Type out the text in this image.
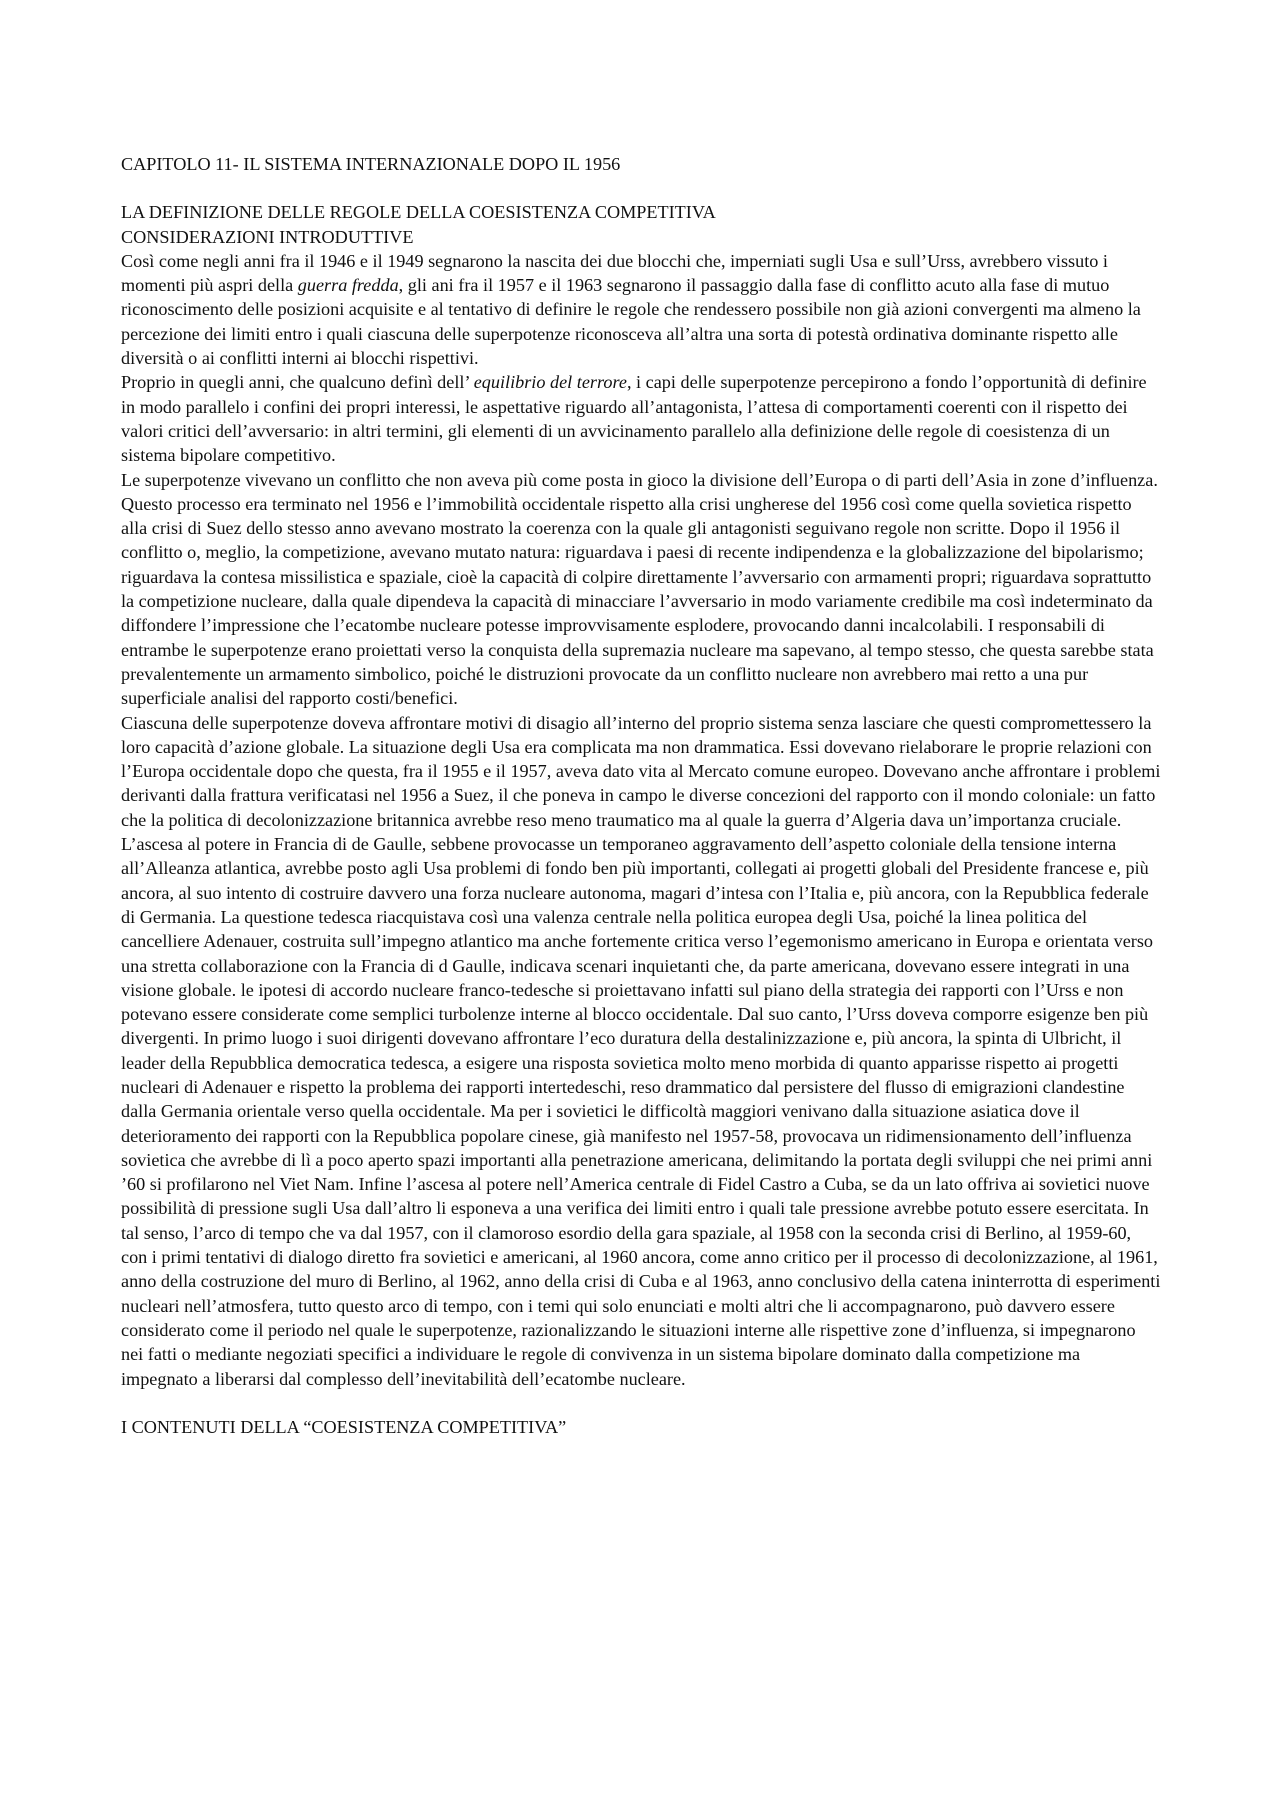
CAPITOLO 11- IL SISTEMA INTERNAZIONALE DOPO IL 1956
LA DEFINIZIONE DELLE REGOLE DELLA COESISTENZA COMPETITIVA
CONSIDERAZIONI INTRODUTTIVE

Così come negli anni fra il 1946 e il 1949 segnarono la nascita dei due blocchi che, imperniati sugli Usa e sull’Urss, avrebbero vissuto i momenti più aspri della guerra fredda, gli ani fra il 1957 e il 1963 segnarono il passaggio dalla fase di conflitto acuto alla fase di mutuo riconoscimento delle posizioni acquisite e al tentativo di definire le regole che rendessero possibile non già azioni convergenti ma almeno la percezione dei limiti entro i quali ciascuna delle superpotenze riconosceva all’altra una sorta di potestà ordinativa dominante rispetto alle diversità o ai conflitti interni ai blocchi rispettivi.

Proprio in quegli anni, che qualcuno definì dell’ equilibrio del terrore, i capi delle superpotenze percepirono a fondo l’opportunità di definire in modo parallelo i confini dei propri interessi, le aspettative riguardo all’antagonista, l’attesa di comportamenti coerenti con il rispetto dei valori critici dell’avversario: in altri termini, gli elementi di un avvicinamento parallelo alla definizione delle regole di coesistenza di un sistema bipolare competitivo.

Le superpotenze vivevano un conflitto che non aveva più come posta in gioco la divisione dell’Europa o di parti dell’Asia in zone d’influenza. Questo processo era terminato nel 1956 e l’immobilità occidentale rispetto alla crisi ungherese del 1956 così come quella sovietica rispetto alla crisi di Suez dello stesso anno avevano mostrato la coerenza con la quale gli antagonisti seguivano regole non scritte. Dopo il 1956 il conflitto o, meglio, la competizione, avevano mutato natura: riguardava i paesi di recente indipendenza e la globalizzazione del bipolarismo; riguardava la contesa missilistica e spaziale, cioè la capacità di colpire direttamente l’avversario con armamenti propri; riguardava soprattutto la competizione nucleare, dalla quale dipendeva la capacità di minacciare l’avversario in modo variamente credibile ma così indeterminato da diffondere l’impressione che l’ecatombe nucleare potesse improvvisamente esplodere, provocando danni incalcolabili. I responsabili di entrambe le superpotenze erano proiettati verso la conquista della supremazia nucleare ma sapevano, al tempo stesso, che questa sarebbe stata prevalentemente un armamento simbolico, poiché le distruzioni provocate da un conflitto nucleare non avrebbero mai retto a una pur superficiale analisi del rapporto costi/benefici.

Ciascuna delle superpotenze doveva affrontare motivi di disagio all’interno del proprio sistema senza lasciare che questi compromettessero la loro capacità d’azione globale. La situazione degli Usa era complicata ma non drammatica. Essi dovevano rielaborare le proprie relazioni con l’Europa occidentale dopo che questa, fra il 1955 e il 1957, aveva dato vita al Mercato comune europeo. Dovevano anche affrontare i problemi derivanti dalla frattura verificatasi nel 1956 a Suez, il che poneva in campo le diverse concezioni del rapporto con il mondo coloniale: un fatto che la politica di decolonizzazione britannica avrebbe reso meno traumatico ma al quale la guerra d’Algeria dava un’importanza cruciale. L’ascesa al potere in Francia di de Gaulle, sebbene provocasse un temporaneo aggravamento dell’aspetto coloniale della tensione interna all’Alleanza atlantica, avrebbe posto agli Usa problemi di fondo ben più importanti, collegati ai progetti globali del Presidente francese e, più ancora, al suo intento di costruire davvero una forza nucleare autonoma, magari d’intesa con l’Italia e, più ancora, con la Repubblica federale di Germania. La questione tedesca riacquistava così una valenza centrale nella politica europea degli Usa, poiché la linea politica del cancelliere Adenauer, costruita sull’impegno atlantico ma anche fortemente critica verso l’egemonismo americano in Europa e orientata verso una stretta collaborazione con la Francia di d Gaulle, indicava scenari inquietanti che, da parte americana, dovevano essere integrati in una visione globale. le ipotesi di accordo nucleare franco-tedesche si proiettavano infatti sul piano della strategia dei rapporti con l’Urss e non potevano essere considerate come semplici turbolenze interne al blocco occidentale. Dal suo canto, l’Urss doveva comporre esigenze ben più divergenti. In primo luogo i suoi dirigenti dovevano affrontare l’eco duratura della destalinizzazione e, più ancora, la spinta di Ulbricht, il leader della Repubblica democratica tedesca, a esigere una risposta sovietica molto meno morbida di quanto apparisse rispetto ai progetti nucleari di Adenauer e rispetto la problema dei rapporti intertedeschi, reso drammatico dal persistere del flusso di emigrazioni clandestine dalla Germania orientale verso quella occidentale. Ma per i sovietici le difficoltà maggiori venivano dalla situazione asiatica dove il deterioramento dei rapporti con la Repubblica popolare cinese, già manifesto nel 1957-58, provocava un ridimensionamento dell’influenza sovietica che avrebbe di lì a poco aperto spazi importanti alla penetrazione americana, delimitando la portata degli sviluppi che nei primi anni ’60 si profilarono nel Viet Nam. Infine l’ascesa al potere nell’America centrale di Fidel Castro a Cuba, se da un lato offriva ai sovietici nuove possibilità di pressione sugli Usa dall’altro li esponeva a una verifica dei limiti entro i quali tale pressione avrebbe potuto essere esercitata. In tal senso, l’arco di tempo che va dal 1957, con il clamoroso esordio della gara spaziale, al 1958 con la seconda crisi di Berlino, al 1959-60, con i primi tentativi di dialogo diretto fra sovietici e americani, al 1960 ancora, come anno critico per il processo di decolonizzazione, al 1961, anno della costruzione del muro di Berlino, al 1962, anno della crisi di Cuba e al 1963, anno conclusivo della catena ininterrotta di esperimenti nucleari nell’atmosfera, tutto questo arco di tempo, con i temi qui solo enunciati e molti altri che li accompagnarono, può davvero essere considerato come il periodo nel quale le superpotenze, razionalizzando le situazioni interne alle rispettive zone d’influenza, si impegnarono nei fatti o mediante negoziati specifici a individuare le regole di convivenza in un sistema bipolare dominato dalla competizione ma impegnato a liberarsi dal complesso dell’inevitabilità dell’ecatombe nucleare.

I CONTENUTI DELLA “COESISTENZA COMPETITIVA”
